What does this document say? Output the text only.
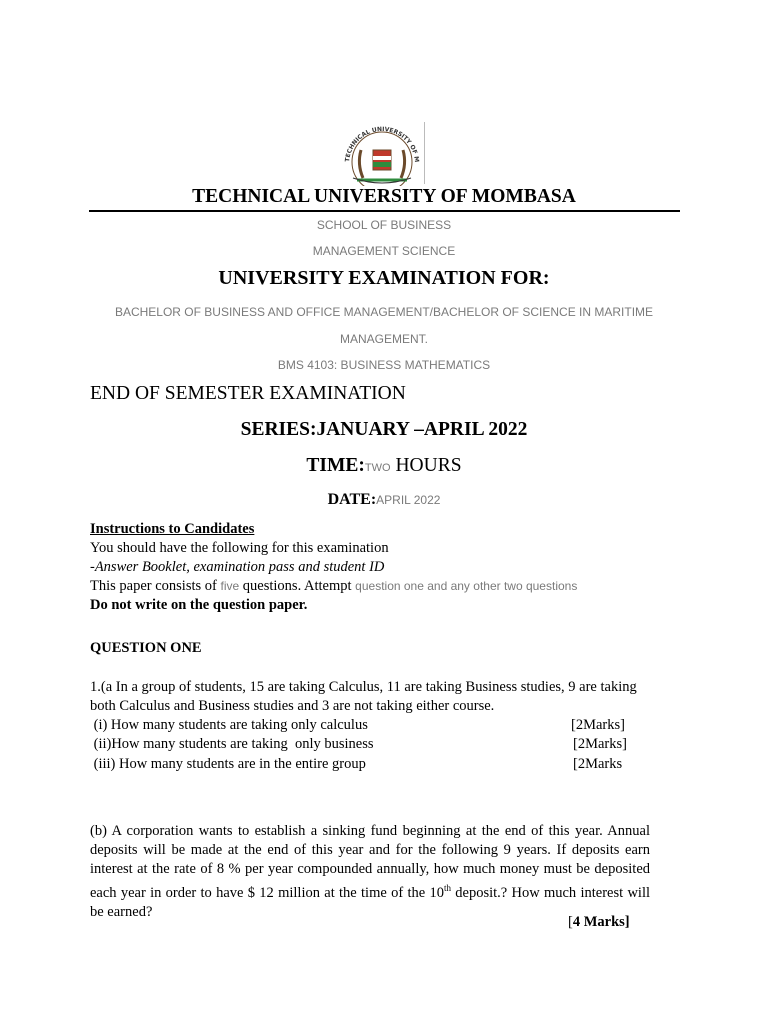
TECHNICAL UNIVERSITY OF M
TECHNICAL UNIVERSITY OF MOMBASA
SCHOOL OF BUSINESS
MANAGEMENT SCIENCE
UNIVERSITY EXAMINATION FOR:
BACHELOR OF BUSINESS AND OFFICE MANAGEMENT/BACHELOR OF SCIENCE IN MARITIME
MANAGEMENT.
BMS 4103: BUSINESS MATHEMATICS
END OF SEMESTER EXAMINATION
SERIES:JANUARY –APRIL 2022
TIME:TWO HOURS
DATE:APRIL 2022
Instructions to Candidates
You should have the following for this examination
-Answer Booklet, examination pass and student ID
This paper consists of five questions. Attempt question one and any other two questions
Do not write on the question paper.
QUESTION ONE
1.(a In a group of students, 15 are taking Calculus, 11 are taking Business studies, 9 are taking
both Calculus and Business studies and 3 are not taking either course.
(i) How many students are taking only calculus	[2Marks]
(ii)How many students are taking  only business	[2Marks]
(iii) How many students are in the entire group	[2Marks
(b) A corporation wants to establish a sinking fund beginning at the end of this year. Annual deposits will be made at the end of this year and for the following 9 years. If deposits earn interest at the rate of 8 % per year compounded annually, how much money must be deposited each year in order to have $ 12 million at the time of the 10th deposit.? How much interest will be earned?
[4 Marks]
